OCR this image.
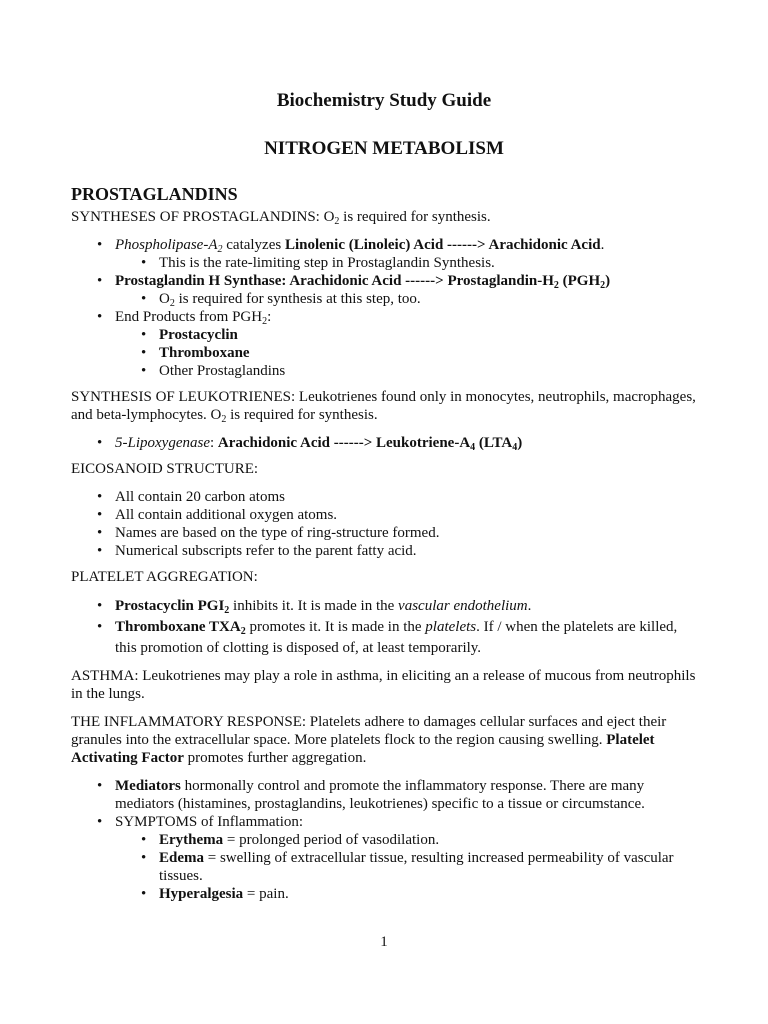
Biochemistry Study Guide
NITROGEN METABOLISM
PROSTAGLANDINS

SYNTHESES OF PROSTAGLANDINS: $O_2$ is required for synthesis.

• Phospholipase-$A_2$ catalyzes Linolenic (Linoleic) Acid ------> Arachidonic Acid.
• This is the rate-limiting step in Prostaglandin Synthesis.
• Prostaglandin H Synthase: Arachidonic Acid ------> Prostaglandin-$H_2$ $(PGH_2)$
• $O_2$ is required for synthesis at this step, too.
• End Products from $PGH_2$:
• Prostacyclin
• Thromboxane
• Other Prostaglandins

SYNTHESIS OF LEUKOTRIENES: Leukotrienes found only in monocytes, neutrophils, macrophages, and beta-lymphocytes. $O_2$ is required for synthesis.

• 5-Lipoxygenase: Arachidonic Acid ------> Leukotriene-$A_4$ $(LTA_4)$

EICOSANOID STRUCTURE:

• All contain 20 carbon atoms
• All contain additional oxygen atoms.
• Names are based on the type of ring-structure formed.
• Numerical subscripts refer to the parent fatty acid.

PLATELET AGGREGATION:

• Prostacyclin $PGI_2$ inhibits it. It is made in the vascular endothelium.
• Thromboxane $TXA_2$ promotes it. It is made in the platelets. If / when the platelets are killed, this promotion of clotting is disposed of, at least temporarily.

ASTHMA: Leukotrienes may play a role in asthma, in eliciting an a release of mucous from neutrophils in the lungs.

THE INFLAMMATORY RESPONSE: Platelets adhere to damages cellular surfaces and eject their granules into the extracellular space. More platelets flock to the region causing swelling. Platelet Activating Factor promotes further aggregation.

• Mediators hormonally control and promote the inflammatory response. There are many mediators (histamines, prostaglandins, leukotrienes) specific to a tissue or circumstance.
• SYMPTOMS of Inflammation:
• Erythema = prolonged period of vasodilation.
• Edema = swelling of extracellular tissue, resulting increased permeability of vascular tissues.
• Hyperalgesia = pain.
1
